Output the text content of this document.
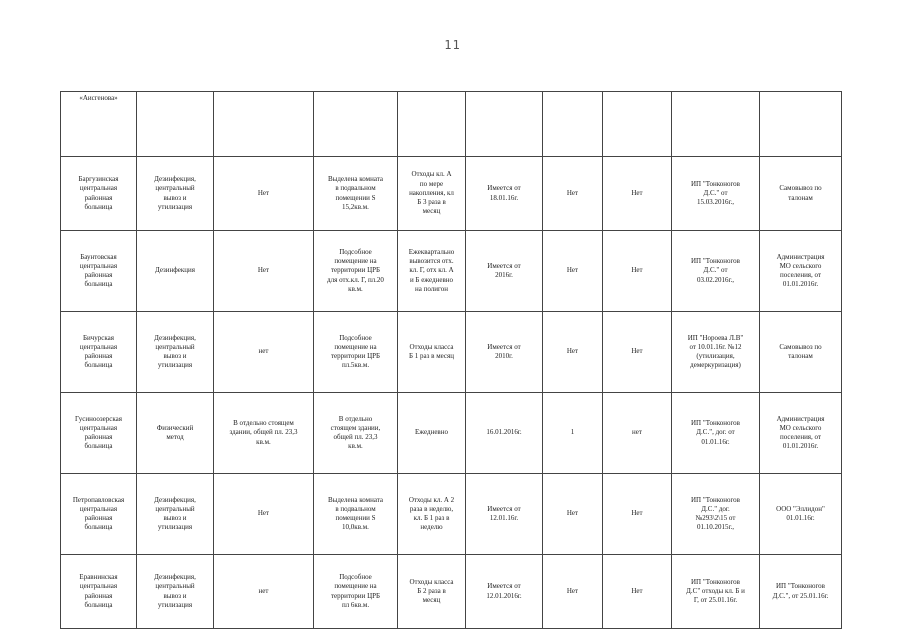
11
«Аисгенова»									

Баргузинская
центральная
районная
больница	Дезинфекция,
центральный
вывоз и
утилизация	Нет	Выделена комната
в подвальном
помещении S
15,2кв.м.	Отходы кл. А
по мере
накопления, кл
Б 3 раза в
месяц	Имеется от
18.01.16г.	Нет	Нет	ИП "Тонконогов
Д.С." от
15.03.2016г.,	Самовывоз по
талонам

Баунтовская
центральная
районная
больница	Дезинфекция	Нет	Подсобное
помещение на
территории ЦРБ
для отх.кл. Г, пл.20
кв.м.	Ежеквартально
вывозится отх.
кл. Г, отх кл. А
и Б ежедневно
на полигон	Имеется от
2016г.	Нет	Нет	ИП "Тонконогов
Д.С." от
03.02.2016г.,	Администрация
МО сельского
поселения, от
01.01.2016г.

Бичурская
центральная
районная
больница	Дезинфекция,
центральный
вывоз и
утилизация	нет	Подсобное
помещение на
территории ЦРБ
пл.5кв.м.	Отходы класса
Б 1 раз в месяц	Имеется от
2010г.	Нет	Нет	ИП "Нороева Л.В"
от 10.01.16г. №12
(утилизация,
демеркуризация)	Самовывоз по
талонам

Гусиноозерская
центральная
районная
больница	Физический
метод	В отдельно стоящем
здании, общей пл. 23,3
кв.м.	В отдельно
стоящем здании,
общей пл. 23,3
кв.м.	Ежедневно	16.01.2016г.	1	нет	ИП "Тонконогов
Д.С.", дог. от
01.01.16г.	Администрация
МО сельского
поселения, от
01.01.2016г.

Петропавловская
центральная
районная
больница	Дезинфекция,
центральный
вывоз и
утилизация	Нет	Выделена комната
в подвальном
помещении S
10,0кв.м.	Отходы кл. А 2
раза в неделю,
кл. Б 1 раз в
неделю	Имеется от
12.01.16г.	Нет	Нет	ИП "Тонконогов
Д.С." дог.
№293\2\15 от
01.10.2015г.,	ООО "Эллидон"
01.01.16г.

Еравнинская
центральная
районная
больница	Дезинфекция,
центральный
вывоз и
утилизация	нет	Подсобное
помещение на
территории ЦРБ
пл 6кв.м.	Отходы класса
Б 2 раза в
месяц	Имеется от
12.01.2016г.	Нет	Нет	ИП "Тонконогов
Д.С" отходы кл. Б и
Г, от 25.01.16г.	ИП "Тонконогов
Д.С.", от 25.01.16г.
